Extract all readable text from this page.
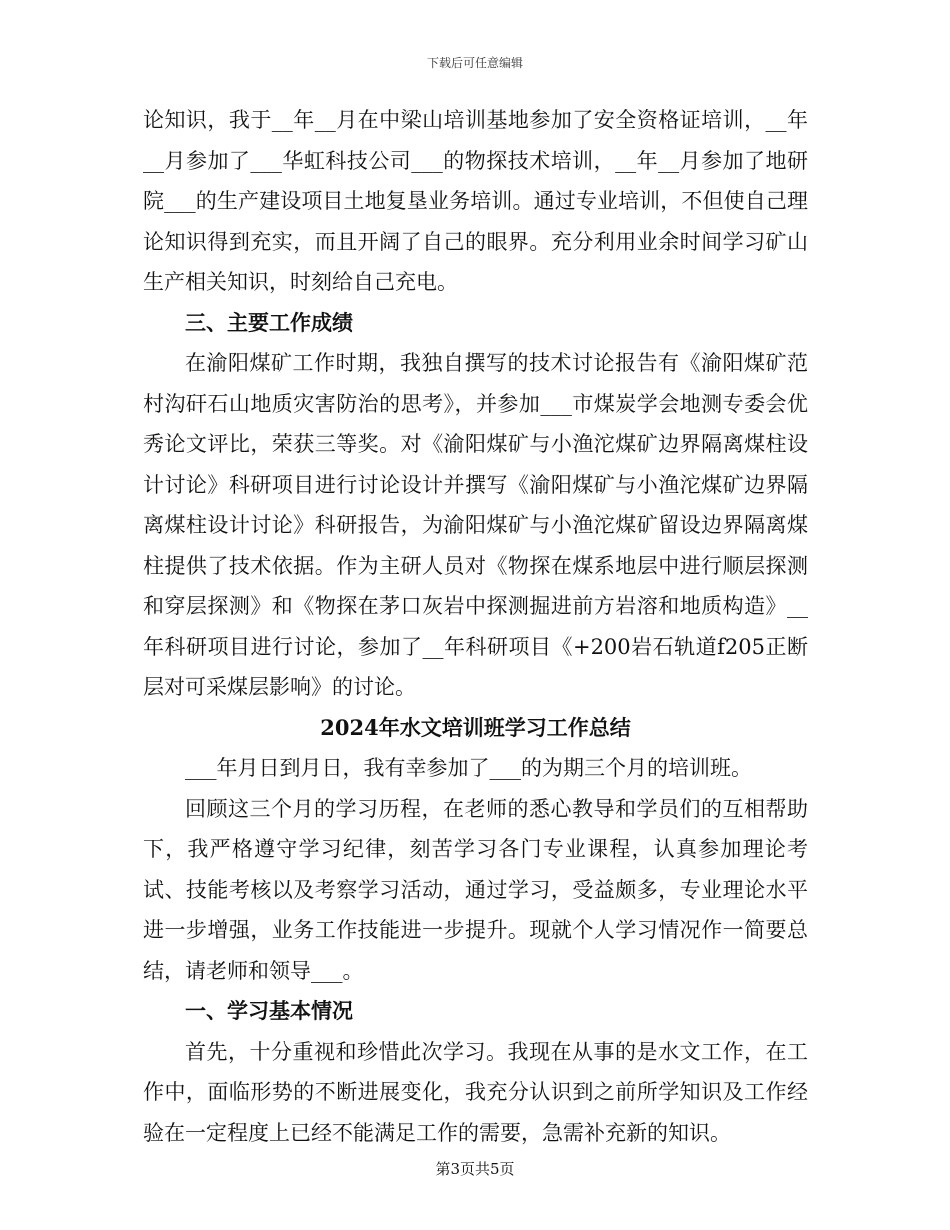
下载后可任意编辑

论知识，我于__年__月在中梁山培训基地参加了安全资格证培训，__年__月参加了___华虹科技公司___的物探技术培训，__年__月参加了地研院___的生产建设项目土地复垦业务培训。通过专业培训，不但使自己理论知识得到充实，而且开阔了自己的眼界。充分利用业余时间学习矿山生产相关知识，时刻给自己充电。

三、主要工作成绩

在渝阳煤矿工作时期，我独自撰写的技术讨论报告有《渝阳煤矿范村沟矸石山地质灾害防治的思考》，并参加___市煤炭学会地测专委会优秀论文评比，荣获三等奖。对《渝阳煤矿与小渔沱煤矿边界隔离煤柱设计讨论》科研项目进行讨论设计并撰写《渝阳煤矿与小渔沱煤矿边界隔离煤柱设计讨论》科研报告，为渝阳煤矿与小渔沱煤矿留设边界隔离煤柱提供了技术依据。作为主研人员对《物探在煤系地层中进行顺层探测和穿层探测》和《物探在茅口灰岩中探测掘进前方岩溶和地质构造》__年科研项目进行讨论，参加了__年科研项目《+200岩石轨道f205正断层对可采煤层影响》的讨论。

2024年水文培训班学习工作总结

___年月日到月日，我有幸参加了___的为期三个月的培训班。

回顾这三个月的学习历程，在老师的悉心教导和学员们的互相帮助下，我严格遵守学习纪律，刻苦学习各门专业课程，认真参加理论考试、技能考核以及考察学习活动，通过学习，受益颇多，专业理论水平进一步增强，业务工作技能进一步提升。现就个人学习情况作一简要总结，请老师和领导___。

一、学习基本情况

首先，十分重视和珍惜此次学习。我现在从事的是水文工作，在工作中，面临形势的不断进展变化，我充分认识到之前所学知识及工作经验在一定程度上已经不能满足工作的需要，急需补充新的知识。

第3页共5页
